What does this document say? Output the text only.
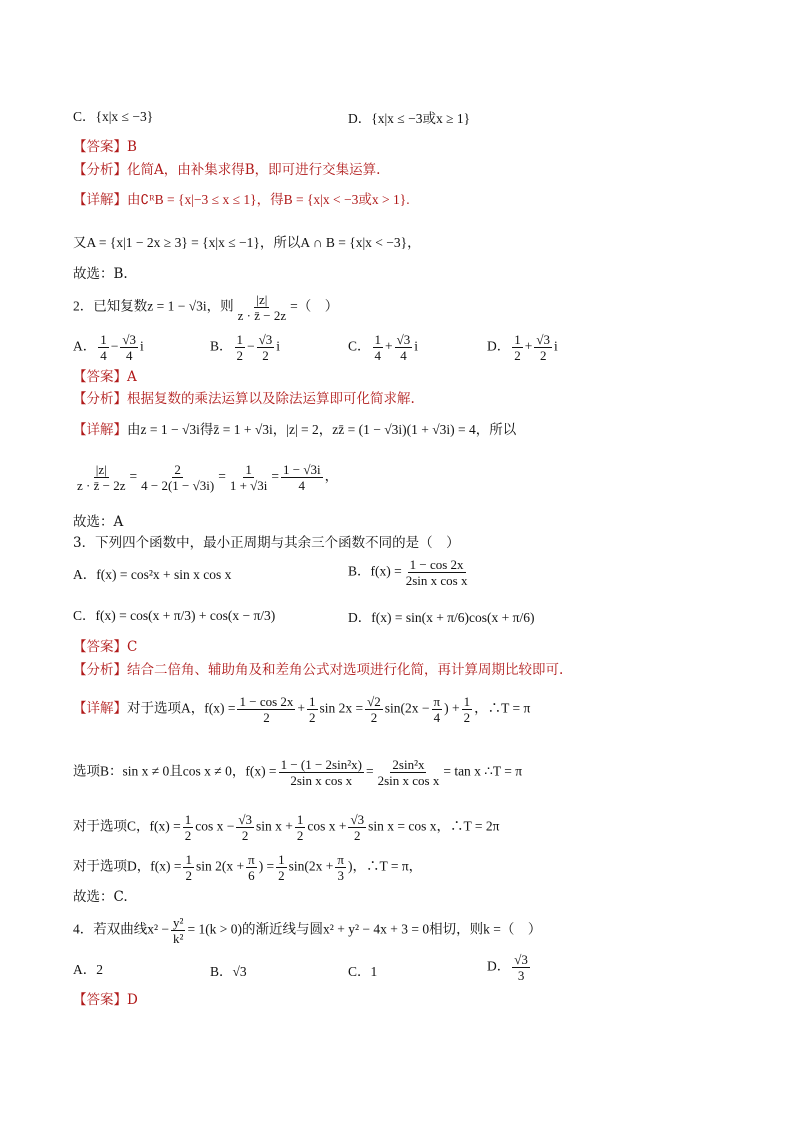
C．{x|x ≤ −3}	D．{x|x ≤ −3或x ≥ 1}
【答案】B
【分析】化简A，由补集求得B，即可进行交集运算.
【详解】由∁ᴿB = {x|−3 ≤ x ≤ 1}，得B = {x|x < −3或x > 1}.
又A = {x|1 − 2x ≥ 3} = {x|x ≤ −1}，所以A ∩ B = {x|x < −3}，
故选：B.
2．已知复数z = 1 − √3i，则 $\frac{|z|}{z \cdot z̄ - 2z}$ =（　）
A． $\frac{1}{4} - \frac{√3}{4}$ i	B． $\frac{1}{2} - \frac{√3}{2}$ i	C． $\frac{1}{4} + \frac{√3}{4}$ i	D． $\frac{1}{2} + \frac{√3}{2}$ i
【答案】A
【分析】根据复数的乘法运算以及除法运算即可化简求解.
【详解】由z = 1 − √3i得z̄ = 1 + √3i，|z| = 2，zz̄ = (1 − √3i)(1 + √3i) = 4，所以
$\frac{|z|}{z \cdot z̄ - 2z} = \frac{2}{4 - 2(1 - √3i)} = \frac{1}{1 + √3i} = \frac{1 - √3i}{4}$ ，
故选：A
3．下列四个函数中，最小正周期与其余三个函数不同的是（　）
A．f(x) = cos²x + sin x cos x	B．$f(x) = \frac{1 - \cos 2x}{\text{2sin x cos x}}$
C．f(x) = cos(x + π/3) + cos(x − π/3)	D．f(x) = sin(x + π/6)cos(x + π/6)
【答案】C
【分析】结合二倍角、辅助角及和差角公式对选项进行化简，再计算周期比较即可.
【详解】对于选项A，$f(x) = \frac{1 - \cos 2x}{2} + \frac{1}{2}$ $\sin 2x = \frac{√2}{2} \sin(2x - \frac{\pi}{4}$ ) + $\frac{1}{2}$ ，∴T = π
选项B：sin x ≠ 0且cos x ≠ 0，$f(x) = \frac{\text{1 − (1 − 2sin²x)}}{\text{2sin x cos x}} = \frac{\text{2sin²x}}{\text{2sin x cos x}} = \tan x$ ∴T = π
对于选项C，$f(x) = \frac{1}{2}$ $\cos x - \frac{√3}{2}$ $\sin x + \frac{1}{2}$ $\cos x + \frac{√3}{2}$ sin x = cos x，∴T = 2π
对于选项D，$f(x) = \frac{1}{2}$ $\sin 2(x + \frac{\pi}{6}$ ) = $\frac{1}{2} \sin(2x + \frac{\pi}{3}$ )，∴T = π，
故选：C.
4．若双曲线$x^2 - \frac{\text{y²}}{\text{k²}} = 1(k > 0)$的渐近线与圆x² + y² − 4x + 3 = 0相切，则k =（　）
A．2	B．√3	C．1	D． $\frac{√3}{3}$
【答案】D
